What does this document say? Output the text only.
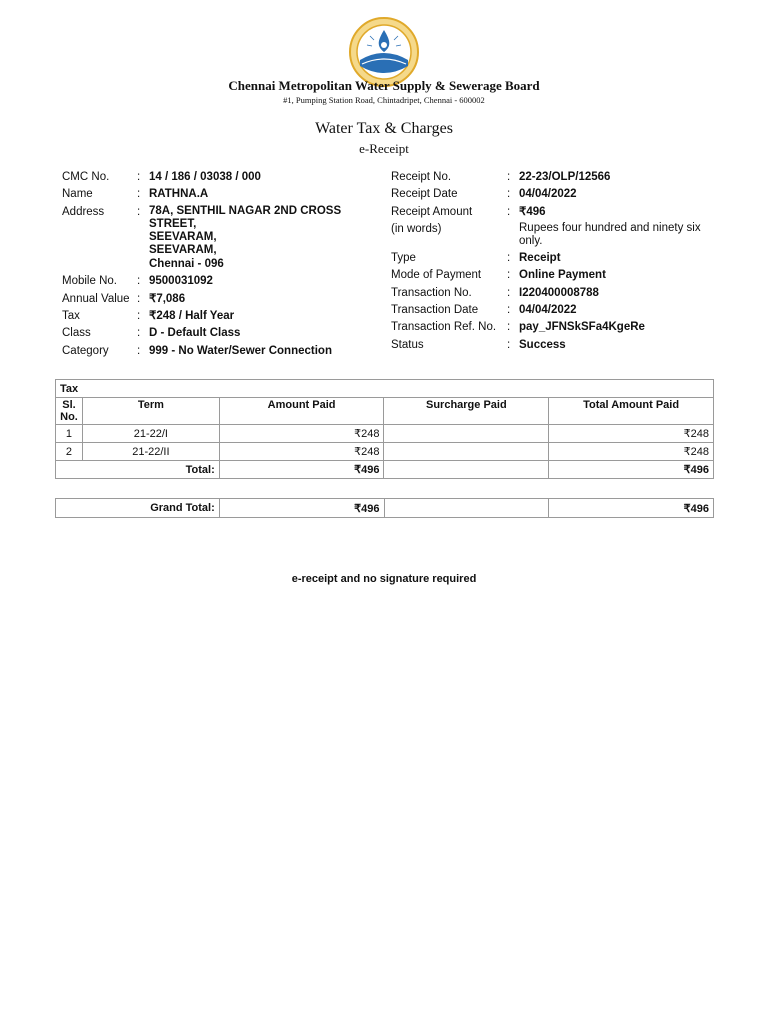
Chennai Metropolitan Water Supply & Sewerage Board
#1, Pumping Station Road, Chintadripet, Chennai - 600002
Water Tax & Charges
e-Receipt
CMC No.	: 14 / 186 / 03038 / 000
Name	: RATHNA.A
Address	: 78A, SENTHIL NAGAR 2ND CROSS
STREET,
SEEVARAM,
SEEVARAM,
Chennai - 096
Mobile No.	: 9500031092
Annual Value : ₹7,086
Tax	: ₹248 / Half Year
Class	: D - Default Class
Category	: 999 - No Water/Sewer Connection
Receipt No.	: 22-23/OLP/12566
Receipt Date	: 04/04/2022
Receipt Amount	: ₹496
(in words)	Rupees four hundred and ninety six only.
Type	: Receipt
Mode of Payment	: Online Payment
Transaction No.	: I220400008788
Transaction Date	: 04/04/2022
Transaction Ref. No. : pay_JFNSkSFa4KgeRe
Status	: Success
Tax				
Sl. No.	Term	Amount Paid	Surcharge Paid	Total Amount Paid
1	21-22/I	₹248		₹248
2	21-22/II	₹248		₹248
Total:		₹496		₹496
Grand Total:	₹496		₹496
e-receipt and no signature required
